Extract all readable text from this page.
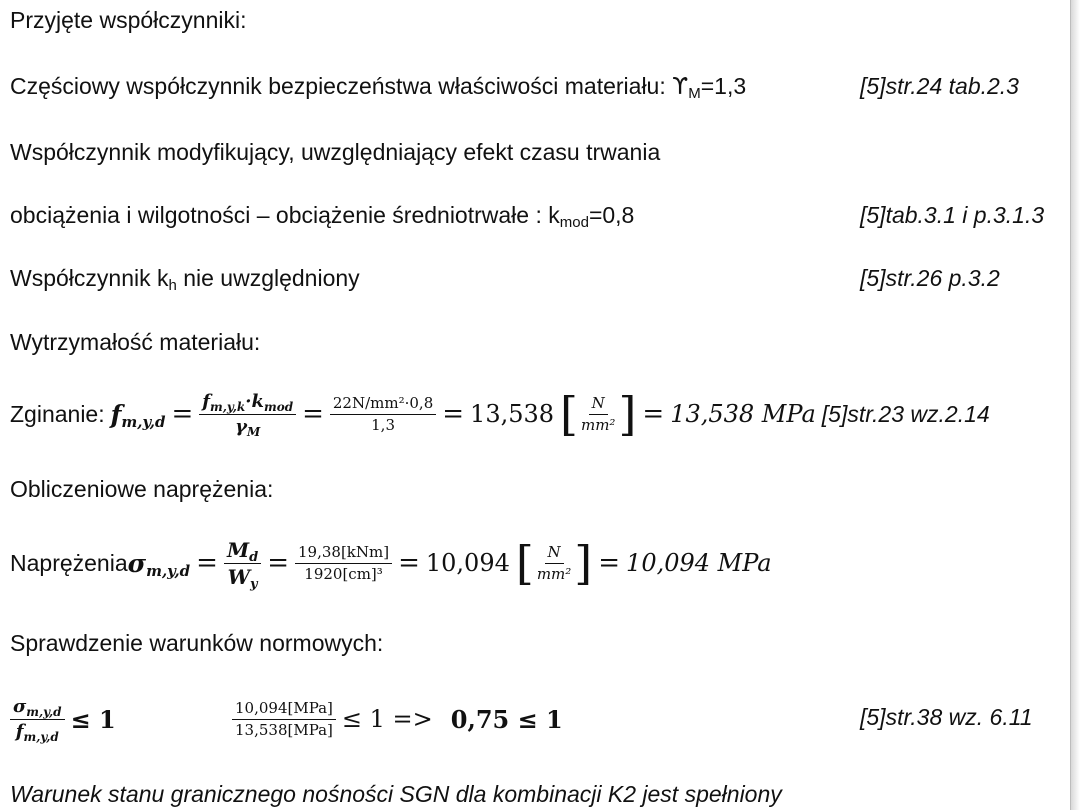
Przyjęte współczynniki:
Częściowy współczynnik bezpieczeństwa właściwości materiału: $ϒ_M=1,3$	[5]str.24 tab.2.3
Współczynnik modyfikujący, uwzględniający efekt czasu trwania
obciążenia i wilgotności – obciążenie średniotrwałe : $k_{mod}=0,8$	[5]tab.3.1 i p.3.1.3
Współczynnik $k_h$ nie uwzględniony	[5]str.26 p.3.2
Wytrzymałość materiału:
Zginanie: $f_{m,y,d} = \frac{f_{m,y,k}\cdot k_{mod}}{\gamma_M} = \frac{\text{22N/mm²·0,8}}{1,3} = 13,538$ [ $\frac{N}{\text{mm²}}$ ] = 13,538 MPa [5]str.23 wz.2.14
Obliczeniowe naprężenia:
Naprężenia $\sigma_{m,y,d} = \frac{M_d}{W_y} = \frac{\text{19,38[kNm]}}{\text{1920[cm]³}} = 10,094$ [ $\frac{N}{\text{mm²}}$ ] = 10,094 MPa
Sprawdzenie warunków normowych:
$\frac{\sigma_{m,y,d}}{f_{m,y,d}} \le 1$	$\frac{\text{10,094[MPa]}}{\text{13,538[MPa]}} \le 1 => 0,75 \le 1$	[5]str.38 wz. 6.11
Warunek stanu granicznego nośności SGN dla kombinacji K2 jest spełniony
